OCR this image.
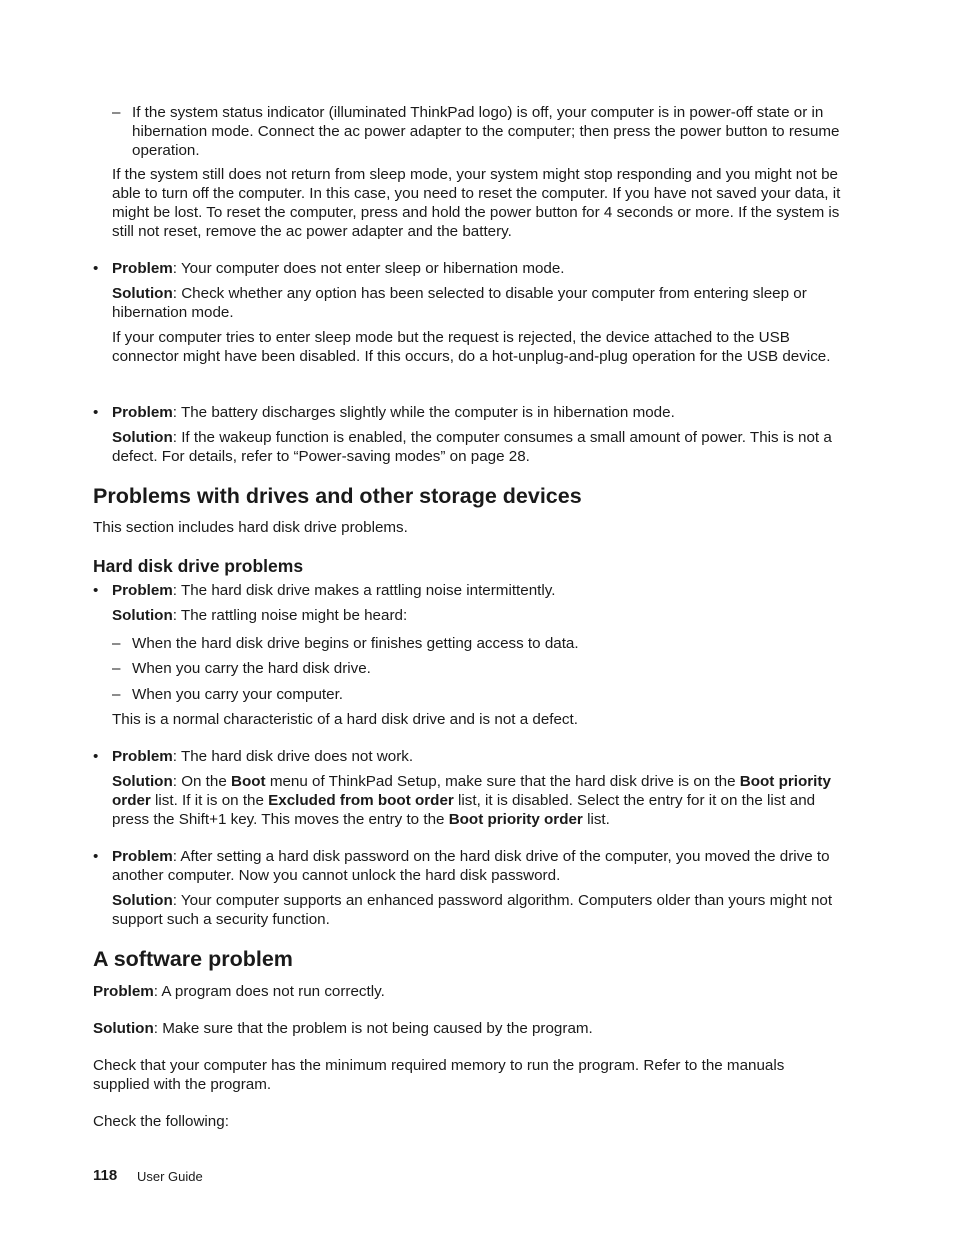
– If the system status indicator (illuminated ThinkPad logo) is off, your computer is in power-off state or in hibernation mode. Connect the ac power adapter to the computer; then press the power button to resume operation.

If the system still does not return from sleep mode, your system might stop responding and you might not be able to turn off the computer. In this case, you need to reset the computer. If you have not saved your data, it might be lost. To reset the computer, press and hold the power button for 4 seconds or more. If the system is still not reset, remove the ac power adapter and the battery.

• Problem: Your computer does not enter sleep or hibernation mode.

Solution: Check whether any option has been selected to disable your computer from entering sleep or hibernation mode.

If your computer tries to enter sleep mode but the request is rejected, the device attached to the USB connector might have been disabled. If this occurs, do a hot-unplug-and-plug operation for the USB device.

• Problem: The battery discharges slightly while the computer is in hibernation mode.

Solution: If the wakeup function is enabled, the computer consumes a small amount of power. This is not a defect. For details, refer to “Power-saving modes” on page 28.

Problems with drives and other storage devices

This section includes hard disk drive problems.

Hard disk drive problems
• Problem: The hard disk drive makes a rattling noise intermittently.

Solution: The rattling noise might be heard:

– When the hard disk drive begins or finishes getting access to data.

– When you carry the hard disk drive.

– When you carry your computer.

This is a normal characteristic of a hard disk drive and is not a defect.

• Problem: The hard disk drive does not work.

Solution: On the Boot menu of ThinkPad Setup, make sure that the hard disk drive is on the Boot priority order list. If it is on the Excluded from boot order list, it is disabled. Select the entry for it on the list and press the Shift+1 key. This moves the entry to the Boot priority order list.

• Problem: After setting a hard disk password on the hard disk drive of the computer, you moved the drive to another computer. Now you cannot unlock the hard disk password.

Solution: Your computer supports an enhanced password algorithm. Computers older than yours might not support such a security function.

A software problem

Problem: A program does not run correctly.

Solution: Make sure that the problem is not being caused by the program.

Check that your computer has the minimum required memory to run the program. Refer to the manuals supplied with the program.

Check the following:

118 User Guide
